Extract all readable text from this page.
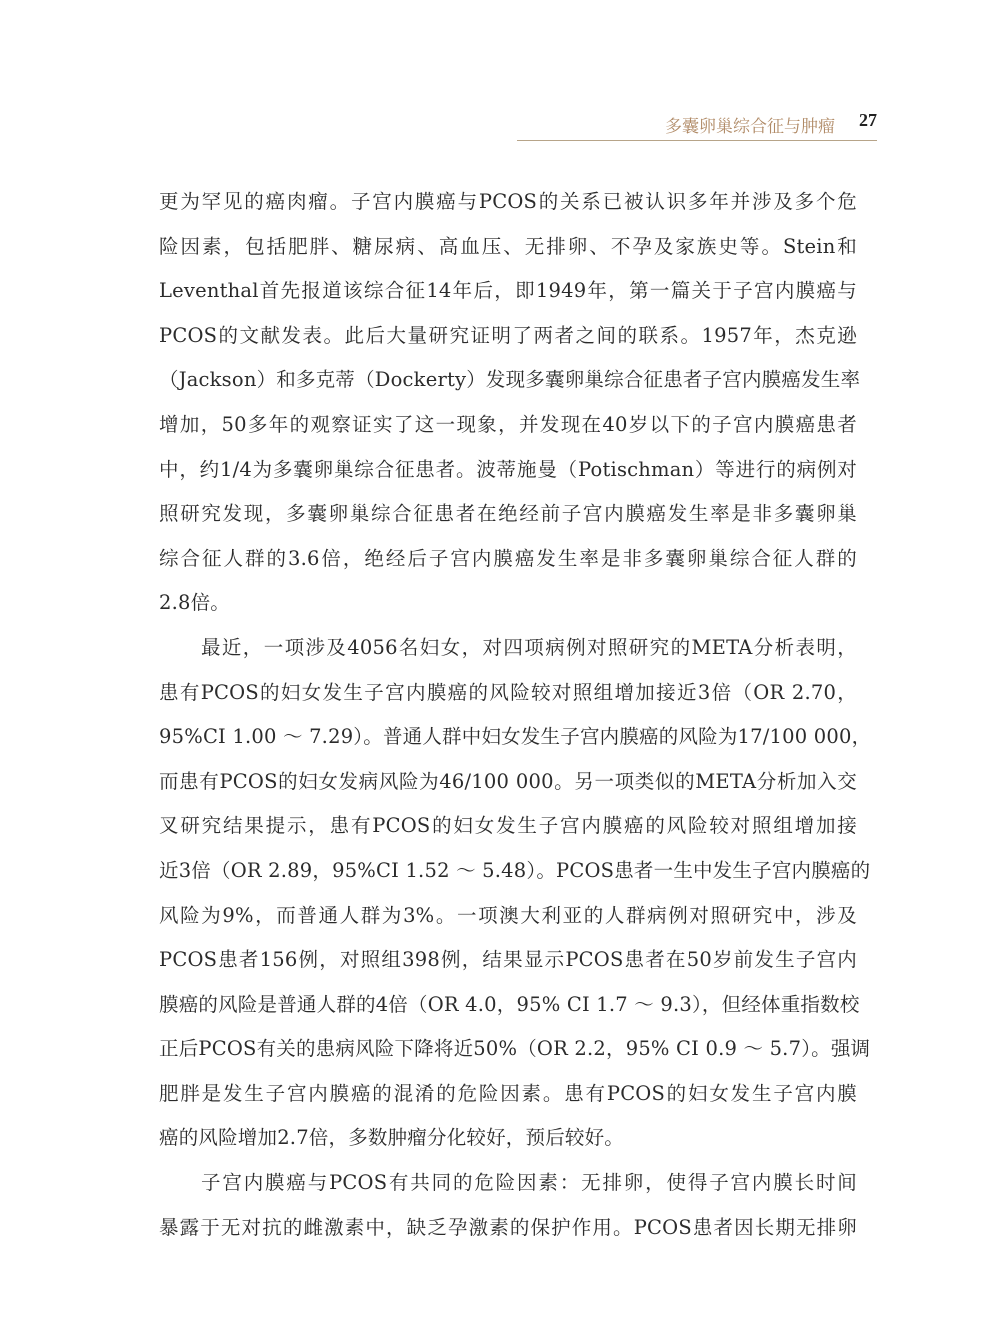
多囊卵巢综合征与肿瘤 27
更为罕见的癌肉瘤。子宫内膜癌与PCOS的关系已被认识多年并涉及多个危
险因素，包括肥胖、糖尿病、高血压、无排卵、不孕及家族史等。Stein和
Leventhal首先报道该综合征14年后，即1949年，第一篇关于子宫内膜癌与
PCOS的文献发表。此后大量研究证明了两者之间的联系。1957年，杰克逊
（Jackson）和多克蒂（Dockerty）发现多囊卵巢综合征患者子宫内膜癌发生率
增加，50多年的观察证实了这一现象，并发现在40岁以下的子宫内膜癌患者
中，约1/4为多囊卵巢综合征患者。波蒂施曼（Potischman）等进行的病例对
照研究发现，多囊卵巢综合征患者在绝经前子宫内膜癌发生率是非多囊卵巢
综合征人群的3.6倍，绝经后子宫内膜癌发生率是非多囊卵巢综合征人群的
2.8倍。
最近，一项涉及4056名妇女，对四项病例对照研究的META分析表明，
患有PCOS的妇女发生子宫内膜癌的风险较对照组增加接近3倍（OR 2.70，
95%CI 1.00 ～ 7.29）。普通人群中妇女发生子宫内膜癌的风险为17/100 000，
而患有PCOS的妇女发病风险为46/100 000。另一项类似的META分析加入交
叉研究结果提示，患有PCOS的妇女发生子宫内膜癌的风险较对照组增加接
近3倍（OR 2.89，95%CI 1.52 ～ 5.48）。PCOS患者一生中发生子宫内膜癌的
风险为9%，而普通人群为3%。一项澳大利亚的人群病例对照研究中，涉及
PCOS患者156例，对照组398例，结果显示PCOS患者在50岁前发生子宫内
膜癌的风险是普通人群的4倍（OR 4.0，95% CI 1.7 ～ 9.3），但经体重指数校
正后PCOS有关的患病风险下降将近50%（OR 2.2，95% CI 0.9 ～ 5.7）。强调
肥胖是发生子宫内膜癌的混淆的危险因素。患有PCOS的妇女发生子宫内膜
癌的风险增加2.7倍，多数肿瘤分化较好，预后较好。
子宫内膜癌与PCOS有共同的危险因素：无排卵，使得子宫内膜长时间
暴露于无对抗的雌激素中，缺乏孕激素的保护作用。PCOS患者因长期无排卵
